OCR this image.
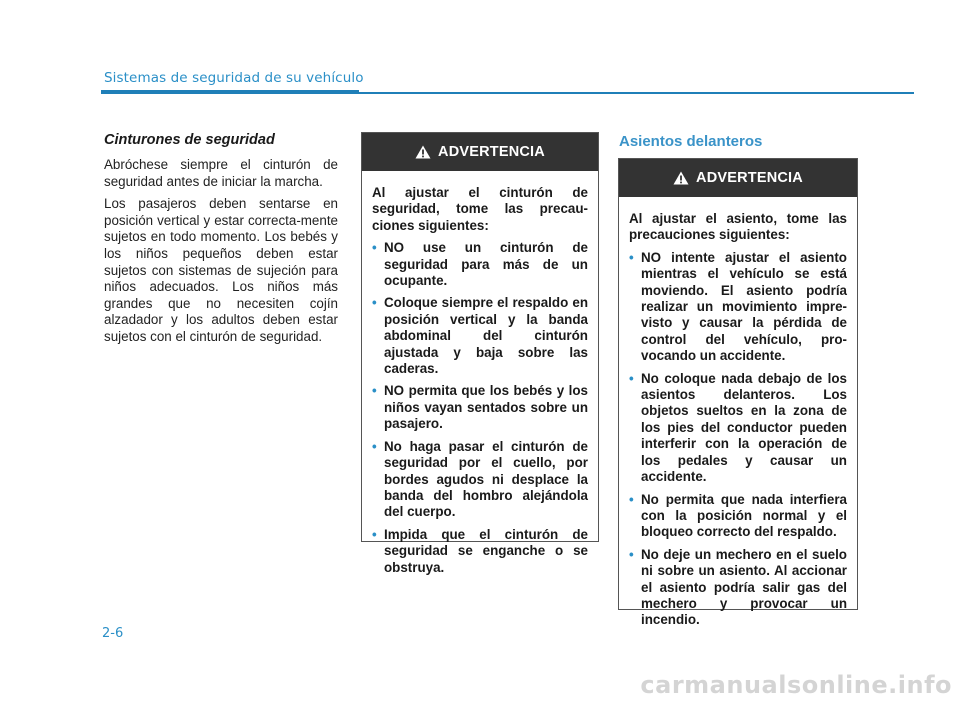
Sistemas de seguridad de su vehículo
Cinturones de seguridad

Abróchese siempre el cinturón de seguridad antes de iniciar la marcha.

Los pasajeros deben sentarse en posición vertical y estar correcta-mente sujetos en todo momento. Los bebés y los niños pequeños deben estar sujetos con sistemas de sujeción para niños adecuados. Los niños más grandes que no necesiten cojín alzadador y los adultos deben estar sujetos con el cinturón de seguridad.

ADVERTENCIA

Al ajustar el cinturón de seguridad, tome las precau-ciones siguientes:

• NO use un cinturón de seguridad para más de un ocupante.
• Coloque siempre el respaldo en posición vertical y la banda abdominal del cinturón ajustada y baja sobre las caderas.
• NO permita que los bebés y los niños vayan sentados sobre un pasajero.
• No haga pasar el cinturón de seguridad por el cuello, por bordes agudos ni desplace la banda del hombro alejándola del cuerpo.
• Impida que el cinturón de seguridad se enganche o se obstruya.
Asientos delanteros
ADVERTENCIA

Al ajustar el asiento, tome las precauciones siguientes:

• NO intente ajustar el asiento mientras el vehículo se está moviendo. El asiento podría realizar un movimiento impre-visto y causar la pérdida de control del vehículo, pro-vocando un accidente.
• No coloque nada debajo de los asientos delanteros. Los objetos sueltos en la zona de los pies del conductor pueden interferir con la operación de los pedales y causar un accidente.
• No permita que nada interfiera con la posición normal y el bloqueo correcto del respaldo.
• No deje un mechero en el suelo ni sobre un asiento. Al accionar el asiento podría salir gas del mechero y provocar un incendio.
2-6
carmanualsonline.info
